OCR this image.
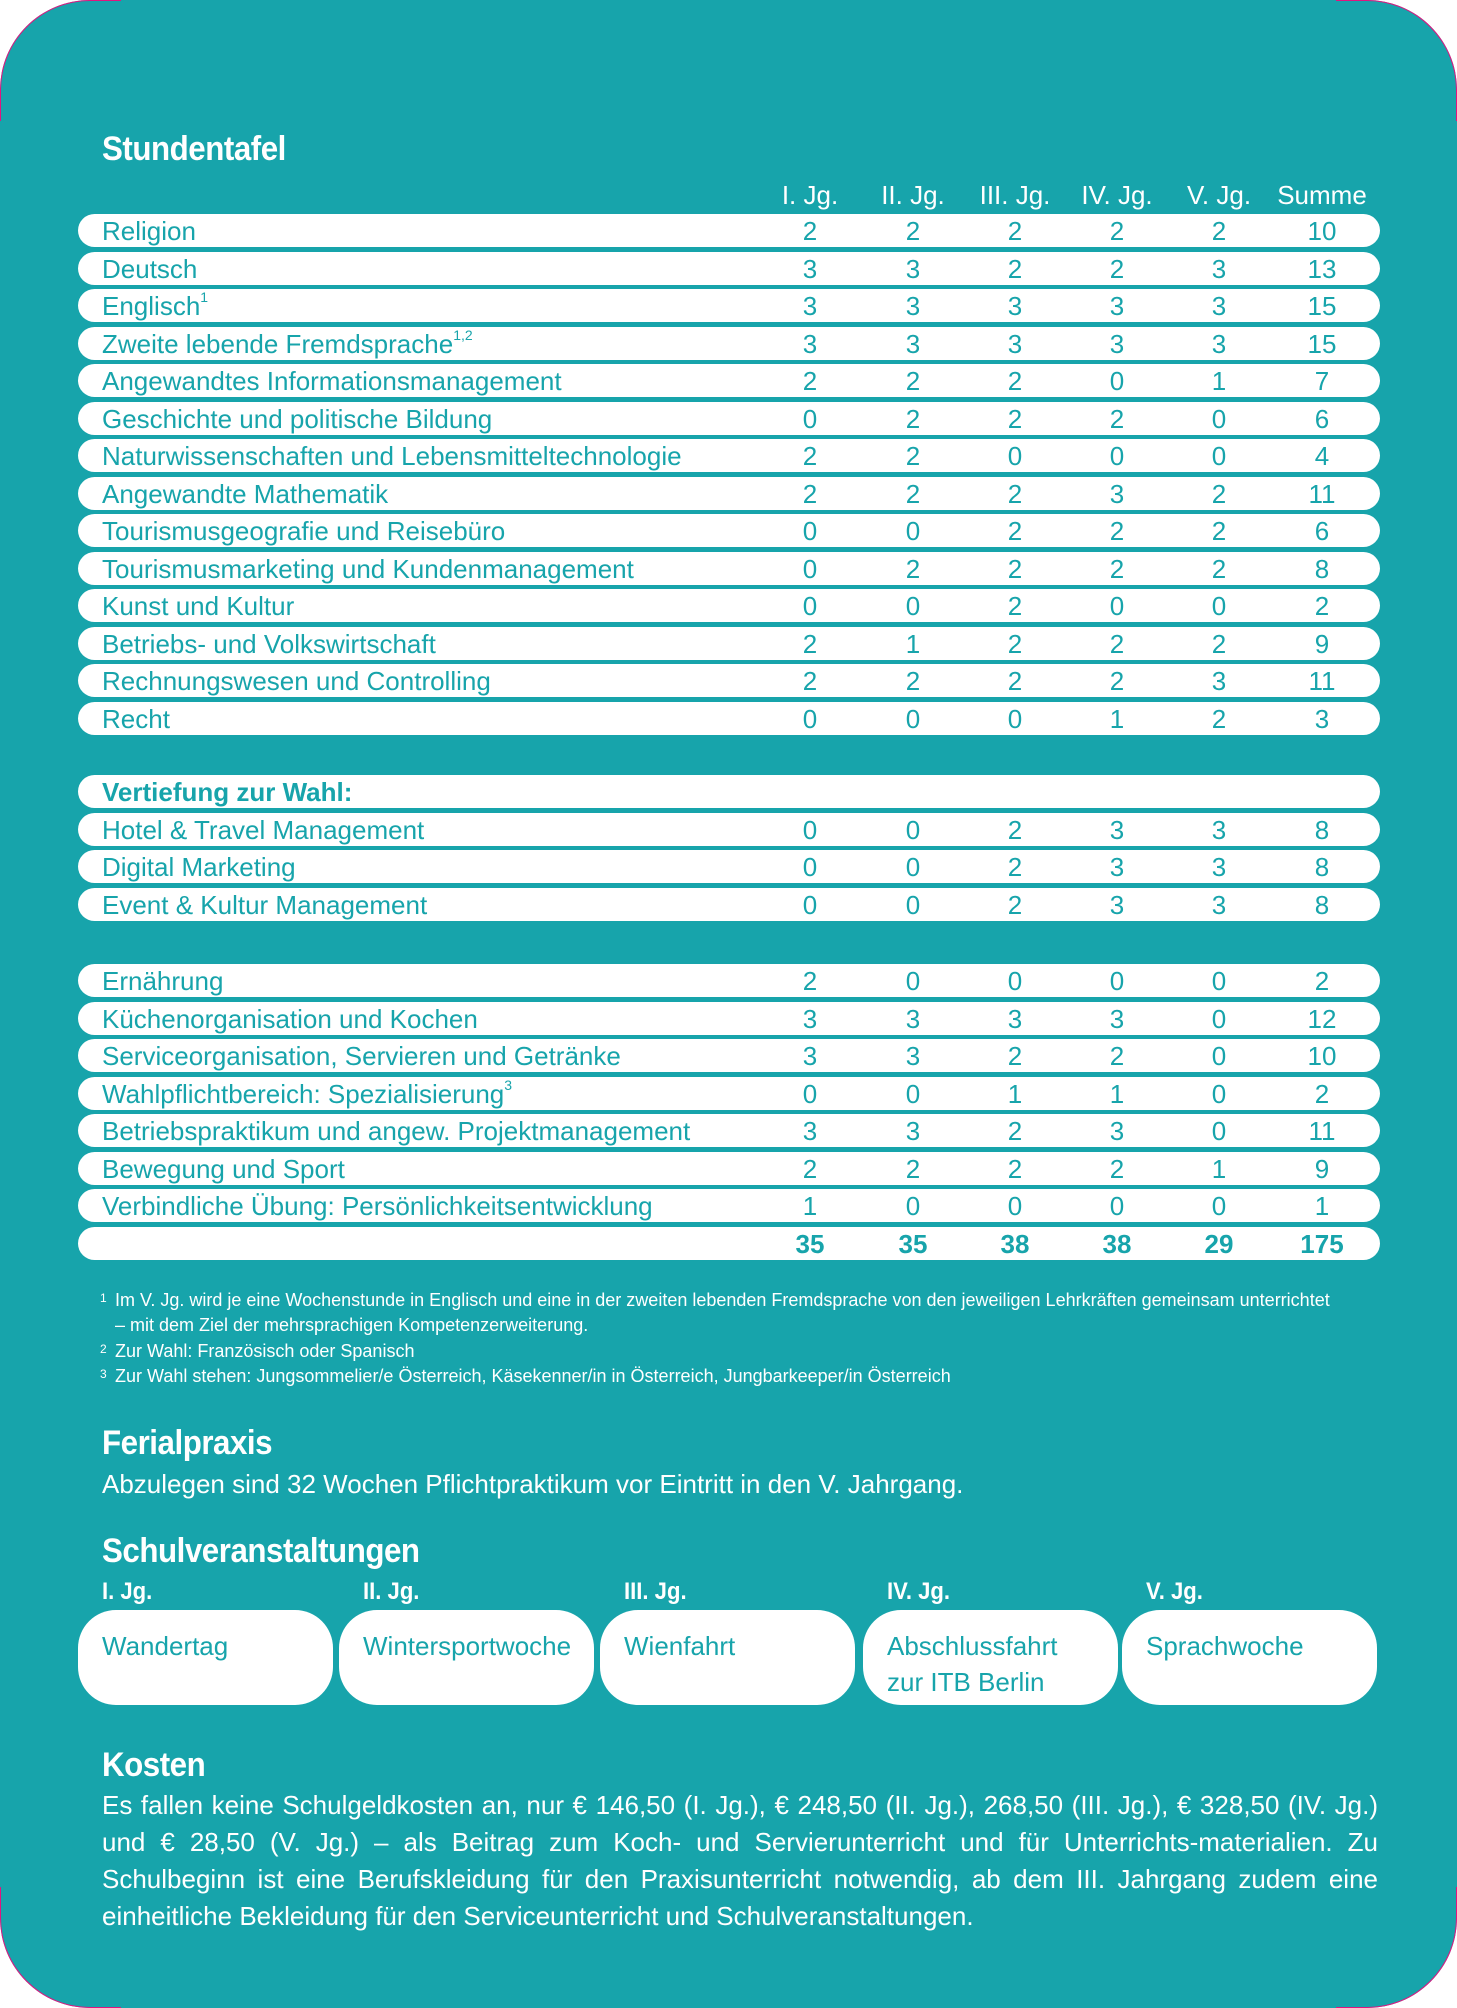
Stundentafel
I. Jg.	II. Jg.	III. Jg.	IV. Jg.	V. Jg.	Summe
Religion	2	2	2	2	2	10
Deutsch	3	3	2	2	3	13
Englisch$^1$	3	3	3	3	3	15
Zweite lebende Fremdsprache$^{1,2}$	3	3	3	3	3	15
Angewandtes Informationsmanagement	2	2	2	0	1	7
Geschichte und politische Bildung	0	2	2	2	0	6
Naturwissenschaften und Lebensmitteltechnologie	2	2	0	0	0	4
Angewandte Mathematik	2	2	2	3	2	11
Tourismusgeografie und Reisebüro	0	0	2	2	2	6
Tourismusmarketing und Kundenmanagement	0	2	2	2	2	8
Kunst und Kultur	0	0	2	0	0	2
Betriebs- und Volkswirtschaft	2	1	2	2	2	9
Rechnungswesen und Controlling	2	2	2	2	3	11
Recht	0	0	0	1	2	3
Vertiefung zur Wahl:
Hotel & Travel Management	0	0	2	3	3	8
Digital Marketing	0	0	2	3	3	8
Event & Kultur Management	0	0	2	3	3	8
Ernährung	2	0	0	0	0	2
Küchenorganisation und Kochen	3	3	3	3	0	12
Serviceorganisation, Servieren und Getränke	3	3	2	2	0	10
Wahlpflichtbereich: Spezialisierung$^3$	0	0	1	1	0	2
Betriebspraktikum und angew. Projektmanagement	3	3	2	3	0	11
Bewegung und Sport	2	2	2	2	1	9
Verbindliche Übung: Persönlichkeitsentwicklung	1	0	0	0	0	1
35	35	38	38	29	175
1 Im V. Jg. wird je eine Wochenstunde in Englisch und eine in der zweiten lebenden Fremdsprache von den jeweiligen Lehrkräften gemeinsam unterrichtet – mit dem Ziel der mehrsprachigen Kompetenzerweiterung.
2 Zur Wahl: Französisch oder Spanisch
3 Zur Wahl stehen: Jungsommelier/e Österreich, Käsekenner/in in Österreich, Jungbarkeeper/in Österreich
Ferialpraxis
Abzulegen sind 32 Wochen Pflichtpraktikum vor Eintritt in den V. Jahrgang.
Schulveranstaltungen
I. Jg.
Wandertag
II. Jg.
Wintersportwoche
III. Jg.
Wienfahrt
IV. Jg.
Abschlussfahrt
zur ITB Berlin
V. Jg.
Sprachwoche
Kosten
Es fallen keine Schulgeldkosten an, nur € 146,50 (I. Jg.), € 248,50 (II. Jg.), 268,50 (III. Jg.), € 328,50 (IV. Jg.) und € 28,50 (V. Jg.) – als Beitrag zum Koch- und Servierunterricht und für Unterrichts-materialien. Zu Schulbeginn ist eine Berufskleidung für den Praxisunterricht notwendig, ab dem III. Jahrgang zudem eine einheitliche Bekleidung für den Serviceunterricht und Schulveranstaltungen.
